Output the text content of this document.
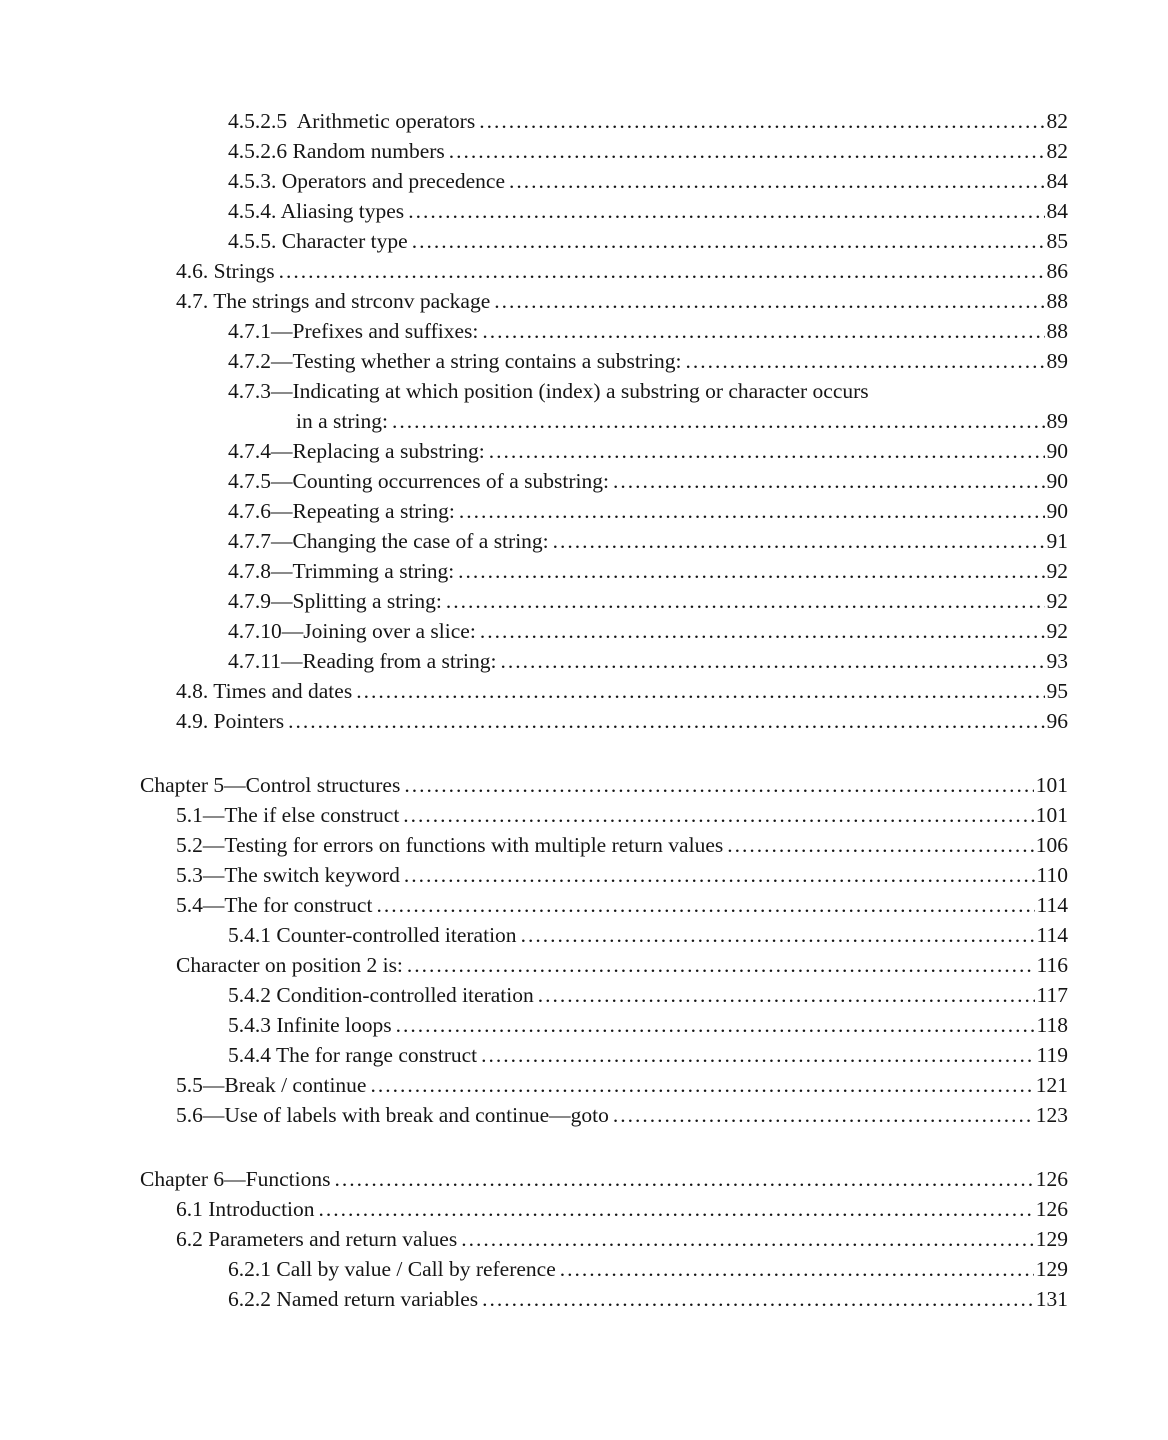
4.5.2.5  Arithmetic operators .....	82
4.5.2.6 Random numbers .....	82
4.5.3. Operators and precedence .....	84
4.5.4. Aliasing types .....	84
4.5.5. Character type .....	85
4.6. Strings .....	86
4.7. The strings and strconv package .....	88
4.7.1—Prefixes and suffixes: .....	88
4.7.2—Testing whether a string contains a substring: .....	89
4.7.3—Indicating at which position (index) a substring or character occurs
in a string: .....	89
4.7.4—Replacing a substring: .....	90
4.7.5—Counting occurrences of a substring: .....	90
4.7.6—Repeating a string: .....	90
4.7.7—Changing the case of a string: .....	91
4.7.8—Trimming a string: .....	92
4.7.9—Splitting a string: .....	92
4.7.10—Joining over a slice: .....	92
4.7.11—Reading from a string: .....	93
4.8. Times and dates .....	95
4.9. Pointers .....	96
Chapter 5—Control structures .....	101
5.1—The if else construct .....	101
5.2—Testing for errors on functions with multiple return values .....	106
5.3—The switch keyword .....	110
5.4—The for construct .....	114
5.4.1 Counter-controlled iteration .....	114
Character on position 2 is: .....	116
5.4.2 Condition-controlled iteration .....	117
5.4.3 Infinite loops .....	118
5.4.4 The for range construct .....	119
5.5—Break / continue .....	121
5.6—Use of labels with break and continue—goto .....	123
Chapter 6—Functions .....	126
6.1 Introduction .....	126
6.2 Parameters and return values .....	129
6.2.1 Call by value / Call by reference .....	129
6.2.2 Named return variables .....	131
